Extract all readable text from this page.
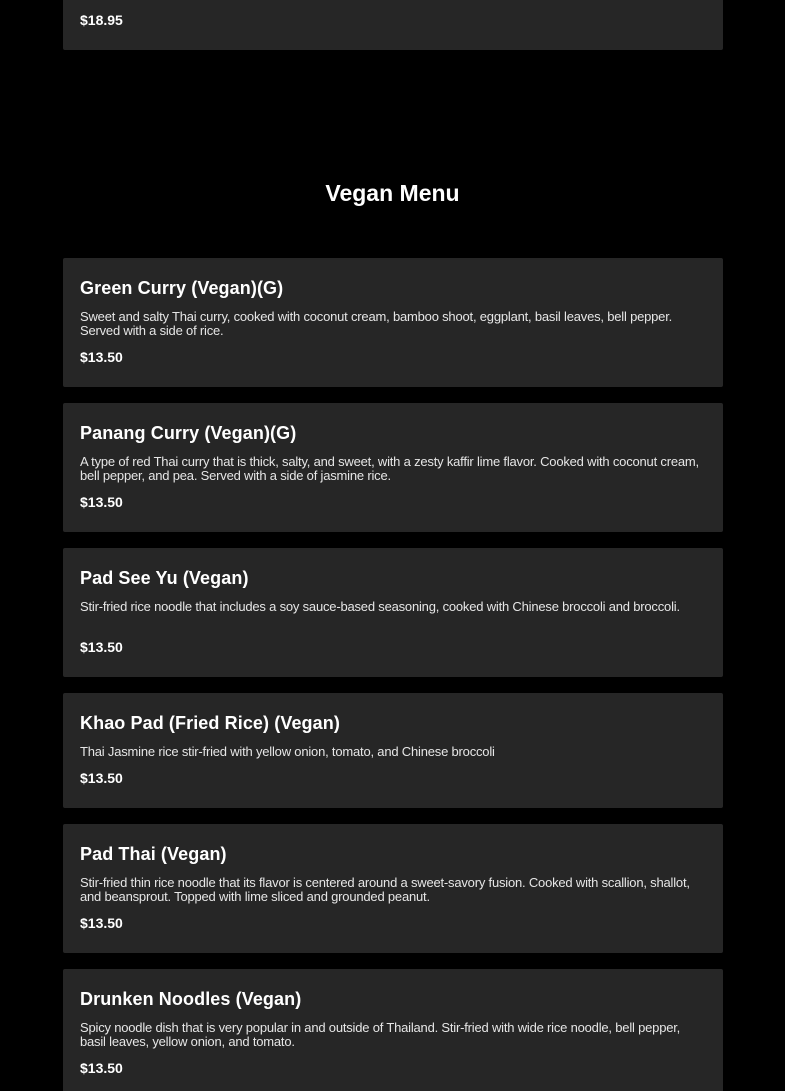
$18.95
Vegan Menu
Green Curry (Vegan)(G)
Sweet and salty Thai curry, cooked with coconut cream, bamboo shoot, eggplant, basil leaves, bell pepper. Served with a side of rice.
$13.50
Panang Curry (Vegan)(G)
A type of red Thai curry that is thick, salty, and sweet, with a zesty kaffir lime flavor. Cooked with coconut cream, bell pepper, and pea. Served with a side of jasmine rice.
$13.50
Pad See Yu (Vegan)
Stir-fried rice noodle that includes a soy sauce-based seasoning, cooked with Chinese broccoli and broccoli.
$13.50
Khao Pad (Fried Rice) (Vegan)
Thai Jasmine rice stir-fried with yellow onion, tomato, and Chinese broccoli
$13.50
Pad Thai (Vegan)
Stir-fried thin rice noodle that its flavor is centered around a sweet-savory fusion. Cooked with scallion, shallot, and beansprout. Topped with lime sliced and grounded peanut.
$13.50
Drunken Noodles (Vegan)
Spicy noodle dish that is very popular in and outside of Thailand. Stir-fried with wide rice noodle, bell pepper, basil leaves, yellow onion, and tomato.
$13.50
